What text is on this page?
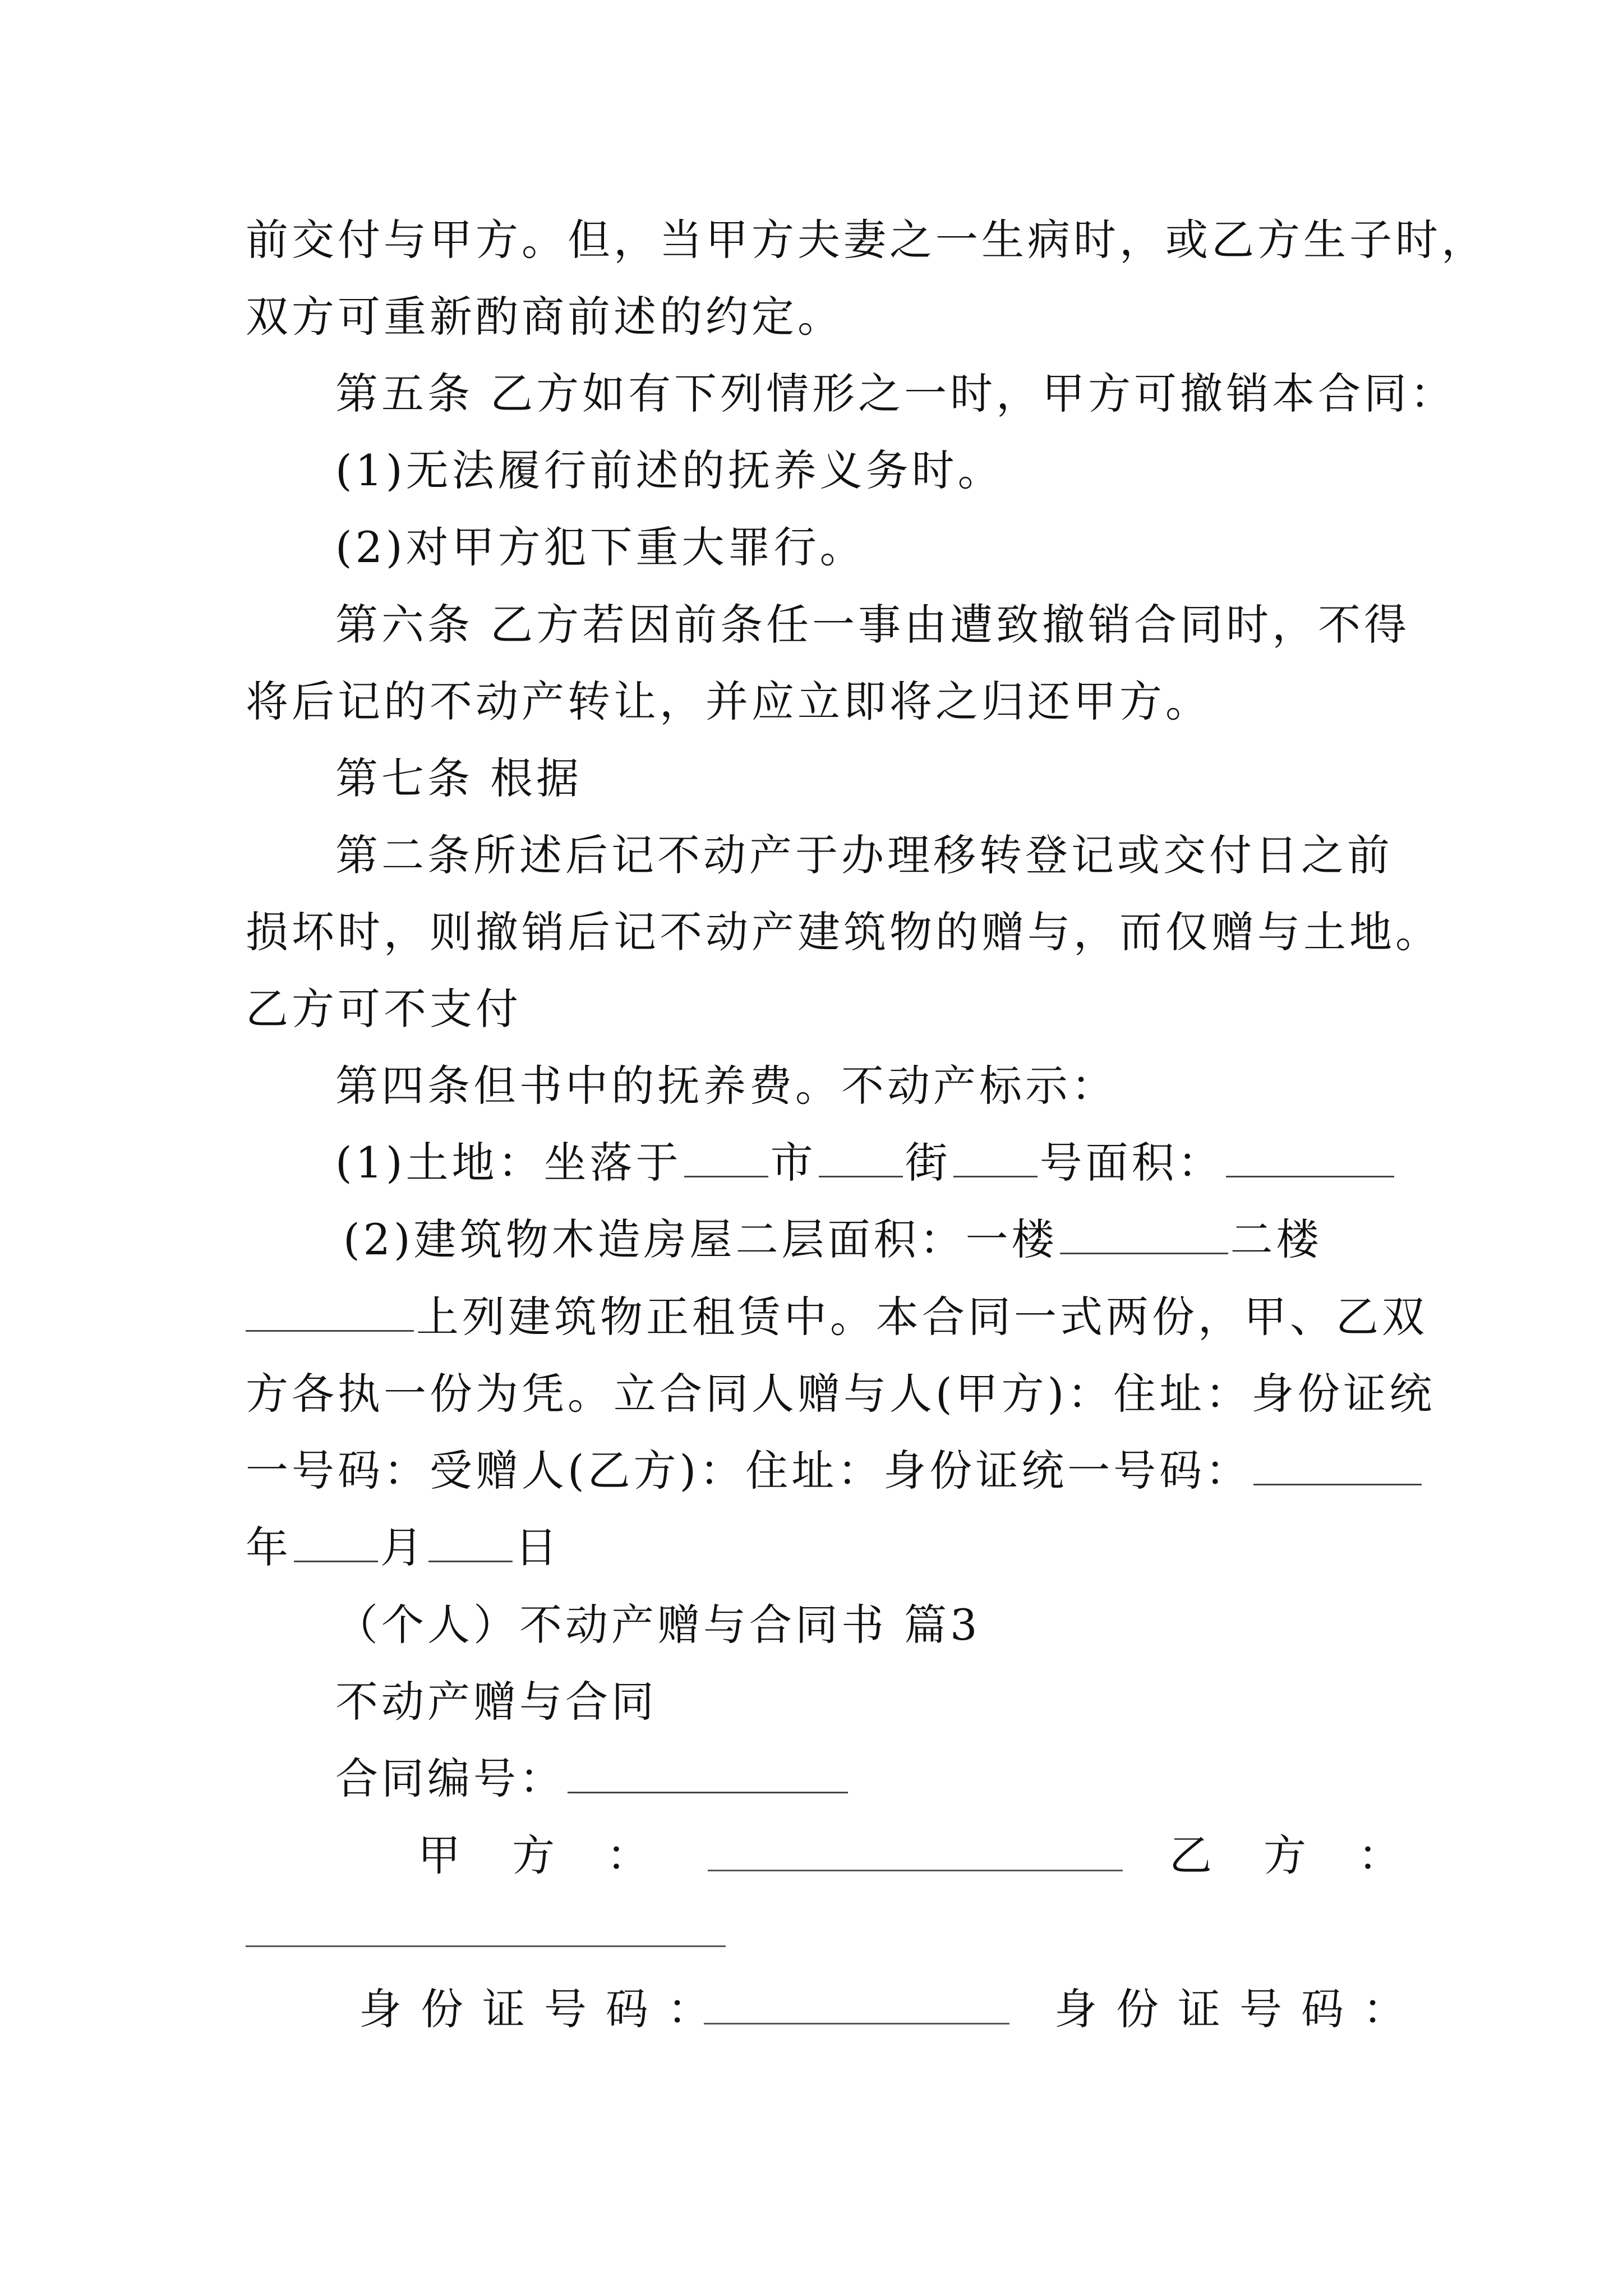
前交付与甲方。但，当甲方夫妻之一生病时，或乙方生子时，
双方可重新酌商前述的约定。
第五条 乙方如有下列情形之一时，甲方可撤销本合同：
(1)无法履行前述的抚养义务时。
(2)对甲方犯下重大罪行。
第六条 乙方若因前条任一事由遭致撤销合同时，不得
将后记的不动产转让，并应立即将之归还甲方。
第七条 根据
第二条所述后记不动产于办理移转登记或交付日之前
损坏时，则撤销后记不动产建筑物的赠与，而仅赠与土地。
乙方可不支付
第四条但书中的抚养费。不动产标示：
(1)土地：坐落于 市 街 号面积：
(2)建筑物木造房屋二层面积：一楼	二楼
上列建筑物正租赁中。本合同一式两份，甲、乙双
方各执一份为凭。立合同人赠与人(甲方)：住址：身份证统
一号码：受赠人(乙方)：住址：身份证统一号码：
年 月 日
（个人）不动产赠与合同书 篇3
不动产赠与合同
合同编号：
甲 方 ：	乙 方 ：
身份证号码：	身份证号码：
